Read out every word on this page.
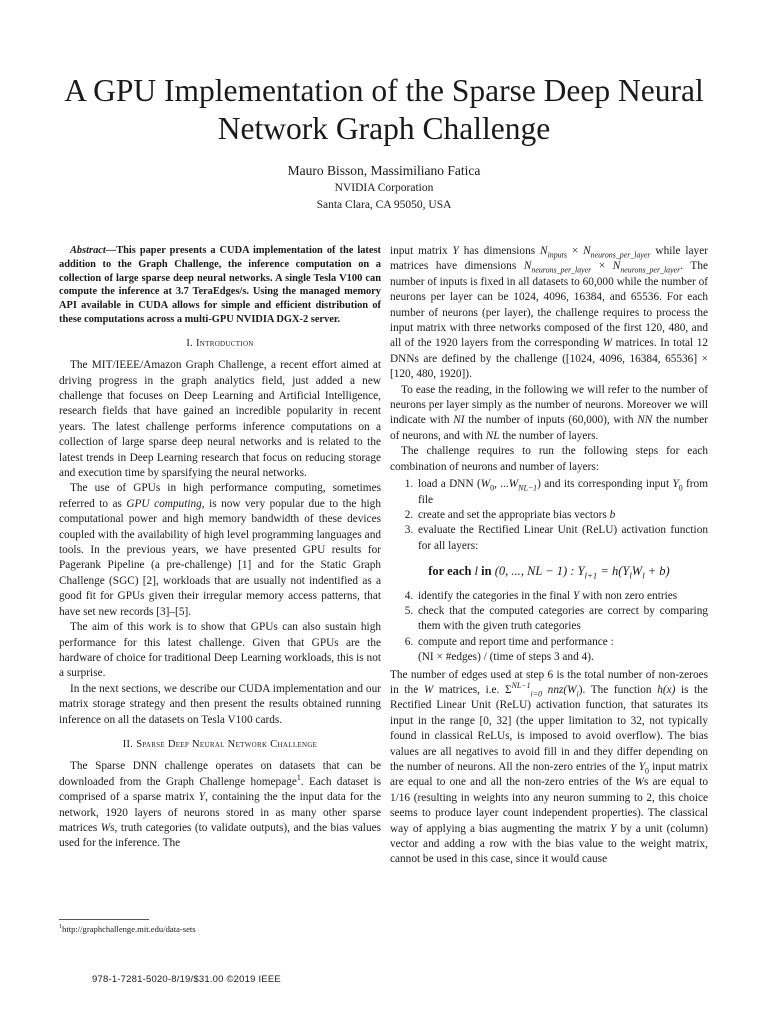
A GPU Implementation of the Sparse Deep Neural Network Graph Challenge
Mauro Bisson, Massimiliano Fatica
NVIDIA Corporation
Santa Clara, CA 95050, USA

Abstract—This paper presents a CUDA implementation of the latest addition to the Graph Challenge, the inference computation on a collection of large sparse deep neural networks. A single Tesla V100 can compute the inference at 3.7 TeraEdges/s. Using the managed memory API available in CUDA allows for simple and efficient distribution of these computations across a multi-GPU NVIDIA DGX-2 server.

I. Introduction

The MIT/IEEE/Amazon Graph Challenge, a recent effort aimed at driving progress in the graph analytics field, just added a new challenge that focuses on Deep Learning and Artificial Intelligence, research fields that have gained an incredible popularity in recent years. The latest challenge performs inference computations on a collection of large sparse deep neural networks and is related to the latest trends in Deep Learning research that focus on reducing storage and execution time by sparsifying the neural networks.

The use of GPUs in high performance computing, sometimes referred to as GPU computing, is now very popular due to the high computational power and high memory bandwidth of these devices coupled with the availability of high level programming languages and tools. In the previous years, we have presented GPU results for Pagerank Pipeline (a pre-challenge) [1] and for the Static Graph Challenge (SGC) [2], workloads that are usually not indentified as a good fit for GPUs given their irregular memory access patterns, that have set new records [3]–[5].

The aim of this work is to show that GPUs can also sustain high performance for this latest challenge. Given that GPUs are the hardware of choice for traditional Deep Learning workloads, this is not a surprise.

In the next sections, we describe our CUDA implementation and our matrix storage strategy and then present the results obtained running inference on all the datasets on Tesla V100 cards.

II. Sparse Deep Neural Network Challenge

The Sparse DNN challenge operates on datasets that can be downloaded from the Graph Challenge homepage$^1$. Each dataset is comprised of a sparse matrix Y, containing the the input data for the network, 1920 layers of neurons stored in as many other sparse matrices Ws, truth categories (to validate outputs), and the bias values used for the inference. The

input matrix Y has dimensions $N_{inputs} \times N_{neurons\_per\_layer}$ while layer matrices have dimensions $N_{neurons\_per\_layer} \times N_{neurons\_per\_layer}$. The number of inputs is fixed in all datasets to 60,000 while the number of neurons per layer can be 1024, 4096, 16384, and 65536. For each number of neurons (per layer), the challenge requires to process the input matrix with three networks composed of the first 120, 480, and all of the 1920 layers from the corresponding W matrices. In total 12 DNNs are defined by the challenge ([1024, 4096, 16384, 65536] × [120, 480, 1920]).

To ease the reading, in the following we will refer to the number of neurons per layer simply as the number of neurons. Moreover we will indicate with NI the number of inputs (60,000), with NN the number of neurons, and with NL the number of layers.

The challenge requires to run the following steps for each combination of neurons and number of layers:

1. load a DNN ($W_0$, $...W_{NL-1}$) and its corresponding input $Y_0$ from file
2. create and set the appropriate bias vectors b
3. evaluate the Rectified Linear Unit (ReLU) activation function for all layers:
for each l in (0, ..., NL − 1) : $Y_{l+1} = h(Y_lW_l + b)$
4. identify the categories in the final Y with non zero entries
5. check that the computed categories are correct by comparing them with the given truth categories
6. compute and report time and performance :
(NI × #edges) / (time of steps 3 and 4).

The number of edges used at step 6 is the total number of non-zeroes in the W matrices, i.e. $\Sigma^{NL-1}_{i=0}$ $nnz(W_i)$. The function h(x) is the Rectified Linear Unit (ReLU) activation function, that saturates its input in the range [0, 32] (the upper limitation to 32, not typically found in classical ReLUs, is imposed to avoid overflow). The bias values are all negatives to avoid fill in and they differ depending on the number of neurons. All the non-zero entries of the $Y_0$ input matrix are equal to one and all the non-zero entries of the Ws are equal to 1/16 (resulting in weights into any neuron summing to 2, this choice seems to produce layer count independent properties). The classical way of applying a bias augmenting the matrix Y by a unit (column) vector and adding a row with the bias value to the weight matrix, cannot be used in this case, since it would cause

$^1$http://graphchallenge.mit.edu/data-sets
978-1-7281-5020-8/19/$31.00 ©2019 IEEE
